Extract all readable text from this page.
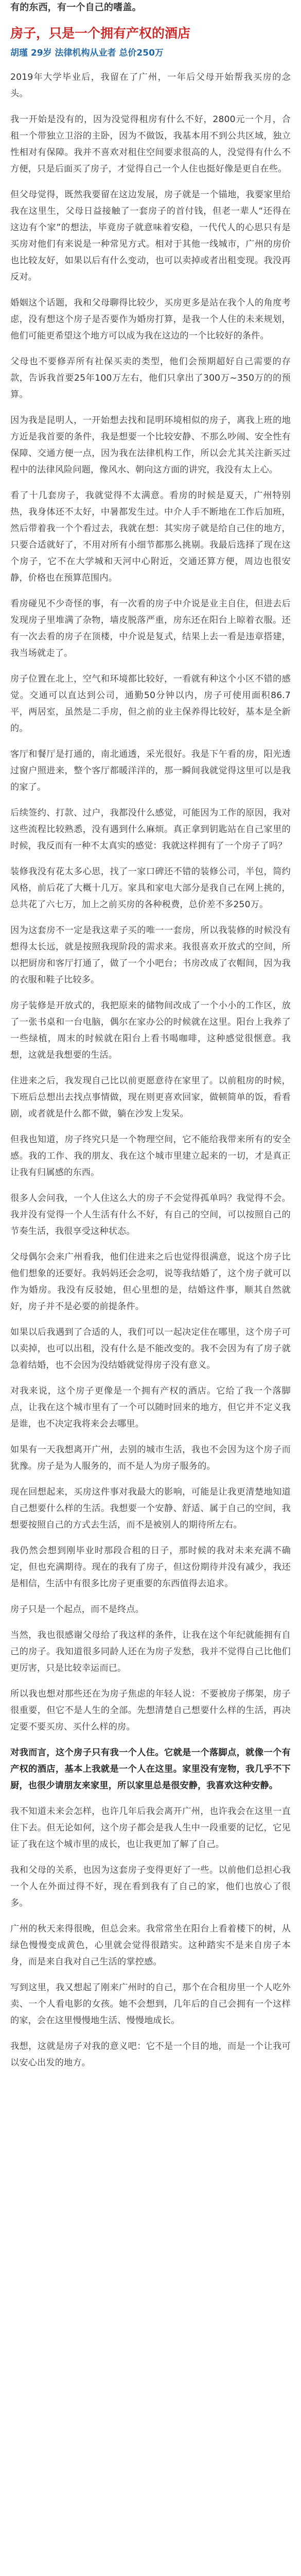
有的东西，有一个自己的嗜盖。
房子，只是一个拥有产权的酒店
胡瑾 29岁 法律机构从业者 总价250万

2019年大学毕业后，我留在了广州，一年后父母开始帮我买房的念头。

我一开始是没有的，因为没觉得租房有什么不好，2800元一个月，合租一个带独立卫浴的主卧，因为不做饭，我基本用不到公共区域，独立性相对有保障。我并不喜欢对租住空间要求很高的人，没觉得有什么不方便，只是后面买了房子，才觉得自己一个人住也挺好像是更自在些。

但父母觉得，既然我要留在这边发展，房子就是一个锚地，我要家里给我在这里生，父母日益接触了一套房子的首付钱，但老一辈人“还得在这边有个家”的想法，毕竟房子就意味着安稳，一代代人的心思只有是买房对他们有来说是一种常见方式。相对于其他一线城市，广州的房价也比较友好，如果以后有什么变动，也可以卖掉或者出租变现。我没再反对。

婚姻这个话题，我和父母聊得比较少，买房更多是站在我个人的角度考虑，没有想这个房子是否要作为婚房打算，是我一个人住的未来规划，他们可能更希望这个地方可以成为我在这边的一个比较好的条件。

父母也不要修弄所有社保买卖的类型，他们会预期超好自己需要的存款，告诉我首要25年100万左右，他们只拿出了300万~350万的的预算。

因为我是昆明人，一开始想去找和昆明环境相似的房子，离我上班的地方近是我首要的条件，我是想要一个比较安静、不那么吵闹、安全性有保障、交通方便一点，因为我在法律机构工作，所以会尤其关注新买过程中的法律风险问题，像风水、朝向这方面的讲究，我没有太上心。

看了十几套房子，我就觉得不太满意。看房的时候是夏天，广州特别热，我身体还不太好，中暑都发生过。中介人手不断地在工作后加班，然后带着我一个个看过去，我就在想：其实房子就是给自己住的地方，只要合适就好了，不用对所有小细节都那么挑剔。我最后选择了现在这个房子，它不在大学城和天河中心附近，交通还算方便，周边也很安静，价格也在预算范围内。

看房碰见不少奇怪的事，有一次看的房子中介说是业主自住，但进去后发现房子里堆满了杂物，墙皮脱落严重，房东还在阳台上晾着衣服。还有一次去看的房子在顶楼，中介说是复式，结果上去一看是违章搭建，我当场就走了。

房子位置在北上，空气和环境都比较好，一看就有种这个小区不错的感觉。交通可以直达到公司，通勤50分钟以内，房子可使用面积86.7平，两居室，虽然是二手房，但之前的业主保养得比较好，基本是全新的。

客厅和餐厅是打通的，南北通透，采光很好。我是下午看的房，阳光透过窗户照进来，整个客厅都暖洋洋的，那一瞬间我就觉得这里可以是我的家了。

后续签约、打款、过户，我都没什么感觉，可能因为工作的原因，我对这些流程比较熟悉，没有遇到什么麻烦。真正拿到钥匙站在自己家里的时候，我反而有一种不太真实的感觉：我就这样拥有了一个房子了吗？

装修我没有花太多心思，找了一家口碑还不错的装修公司，半包，简约风格，前后花了大概十几万。家具和家电大部分是我自己在网上挑的，总共花了六七万，加上之前买房的各种税费，总价差不多250万。

因为这套房不一定是我这辈子买的唯一一套房，所以我装修的时候没有想得太长远，就是按照我现阶段的需求来。我很喜欢开放式的空间，所以把厨房和客厅打通了，做了一个小吧台；书房改成了衣帽间，因为我的衣服和鞋子比较多。

房子装修是开放式的，我把原来的储物间改成了一个小小的工作区，放了一张书桌和一台电脑，偶尔在家办公的时候就在这里。阳台上我养了一些绿植，周末的时候就在阳台上看书喝咖啡，这种感觉很惬意。我想，这就是我想要的生活。

住进来之后，我发现自己比以前更愿意待在家里了。以前租房的时候，下班后总想出去找点事情做，现在则更喜欢回家，做顿简单的饭，看看剧，或者就是什么都不做，躺在沙发上发呆。

但我也知道，房子终究只是一个物理空间，它不能给我带来所有的安全感。我的工作、我的朋友、我在这个城市里建立起来的一切，才是真正让我有归属感的东西。

很多人会问我，一个人住这么大的房子不会觉得孤单吗？我觉得不会。我并没有觉得一个人生活有什么不好，有自己的空间，可以按照自己的节奏生活，我很享受这种状态。

父母偶尔会来广州看我，他们住进来之后也觉得很满意，说这个房子比他们想象的还要好。我妈妈还会念叨，说等我结婚了，这个房子就可以作为婚房。我没有反驳她，但心里想的是，结婚这件事，顺其自然就好，房子并不是必要的前提条件。

如果以后我遇到了合适的人，我们可以一起决定住在哪里，这个房子可以卖掉，也可以出租，没有什么是不能改变的。我不会因为有了房子就急着结婚，也不会因为没结婚就觉得房子没有意义。

对我来说，这个房子更像是一个拥有产权的酒店。它给了我一个落脚点，让我在这个城市里有了一个可以随时回来的地方，但它并不定义我是谁，也不决定我将来会去哪里。

如果有一天我想离开广州，去别的城市生活，我也不会因为这个房子而犹豫。房子是为人服务的，而不是人为房子服务的。

现在回想起来，买房这件事对我最大的影响，可能是让我更清楚地知道自己想要什么样的生活。我想要一个安静、舒适、属于自己的空间，我想要按照自己的方式去生活，而不是被别人的期待所左右。

我仍然会想到刚毕业时那段合租的日子，那时候的我对未来充满不确定，但也充满期待。现在的我有了房子，但这份期待并没有减少，我还是相信，生活中有很多比房子更重要的东西值得去追求。

房子只是一个起点，而不是终点。

当然，我也很感谢父母给了我这样的条件，让我在这个年纪就能拥有自己的房子。我知道很多同龄人还在为房子发愁，我并不觉得自己比他们更厉害，只是比较幸运而已。

所以我也想对那些还在为房子焦虑的年轻人说：不要被房子绑架，房子很重要，但它不是人生的全部。先想清楚自己想要什么样的生活，再决定要不要买房、买什么样的房。

对我而言，这个房子只有我一个人住。它就是一个落脚点，就像一个有产权的酒店，基本上我就是一个人在这里。家里没有宠物，我几乎不下厨，也很少请朋友来家里，所以家里总是很安静，我喜欢这种安静。

我不知道未来会怎样，也许几年后我会离开广州，也许我会在这里一直住下去。但无论如何，这个房子都会是我人生中一段重要的记忆，它见证了我在这个城市里的成长，也让我更加了解了自己。

我和父母的关系，也因为这套房子变得更好了一些。以前他们总担心我一个人在外面过得不好，现在看到我有了自己的家，他们也放心了很多。

广州的秋天来得很晚，但总会来。我常常坐在阳台上看着楼下的树，从绿色慢慢变成黄色，心里就会觉得很踏实。这种踏实不是来自房子本身，而是来自我对自己生活的掌控感。

写到这里，我又想起了刚来广州时的自己，那个在合租房里一个人吃外卖、一个人看电影的女孩。她不会想到，几年后的自己会拥有一个这样的家，会在这里慢慢地生活、慢慢地成长。

我想，这就是房子对我的意义吧：它不是一个目的地，而是一个让我可以安心出发的地方。
